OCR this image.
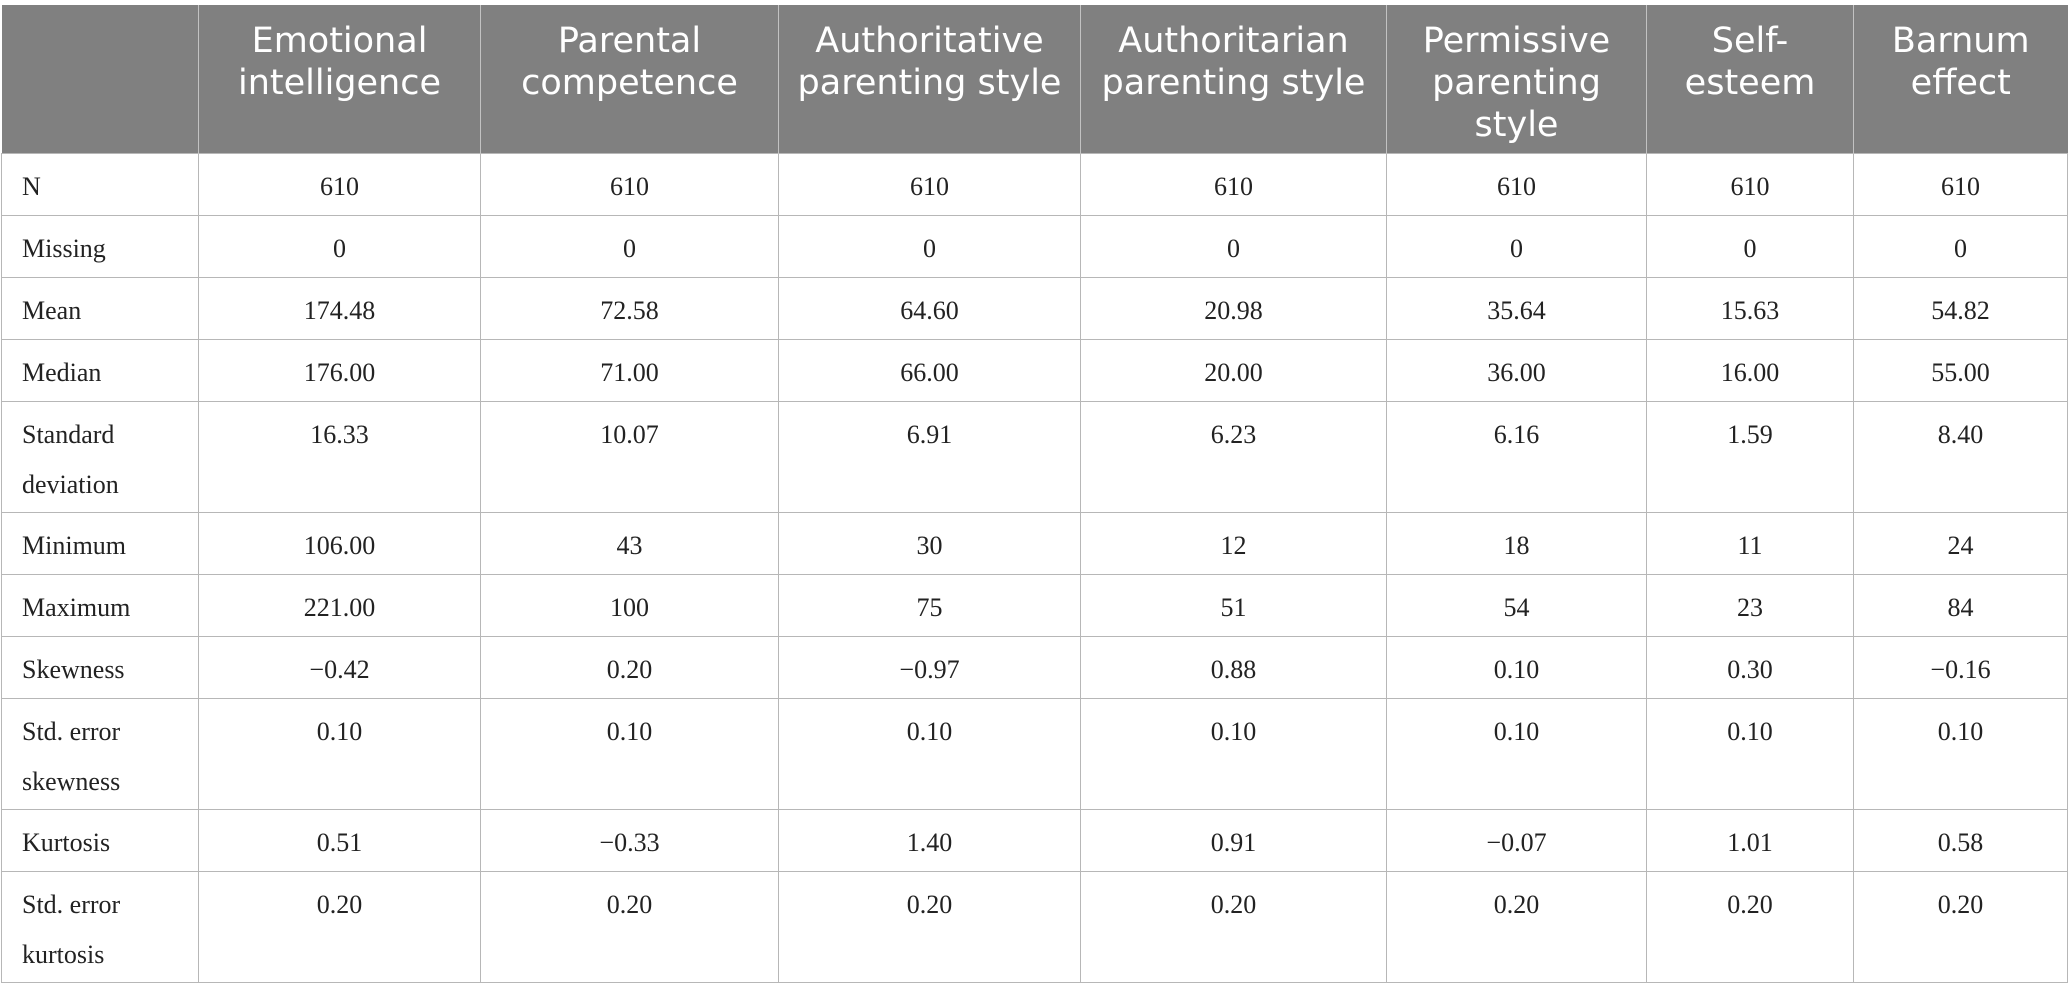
	Emotional intelligence	Parental competence	Authoritative parenting style	Authoritarian parenting style	Permissive parenting style	Self-esteem	Barnum effect
N	610	610	610	610	610	610	610
Missing	0	0	0	0	0	0	0
Mean	174.48	72.58	64.60	20.98	35.64	15.63	54.82
Median	176.00	71.00	66.00	20.00	36.00	16.00	55.00
Standard deviation	16.33	10.07	6.91	6.23	6.16	1.59	8.40
Minimum	106.00	43	30	12	18	11	24
Maximum	221.00	100	75	51	54	23	84
Skewness	−0.42	0.20	−0.97	0.88	0.10	0.30	−0.16
Std. error skewness	0.10	0.10	0.10	0.10	0.10	0.10	0.10
Kurtosis	0.51	−0.33	1.40	0.91	−0.07	1.01	0.58
Std. error kurtosis	0.20	0.20	0.20	0.20	0.20	0.20	0.20
